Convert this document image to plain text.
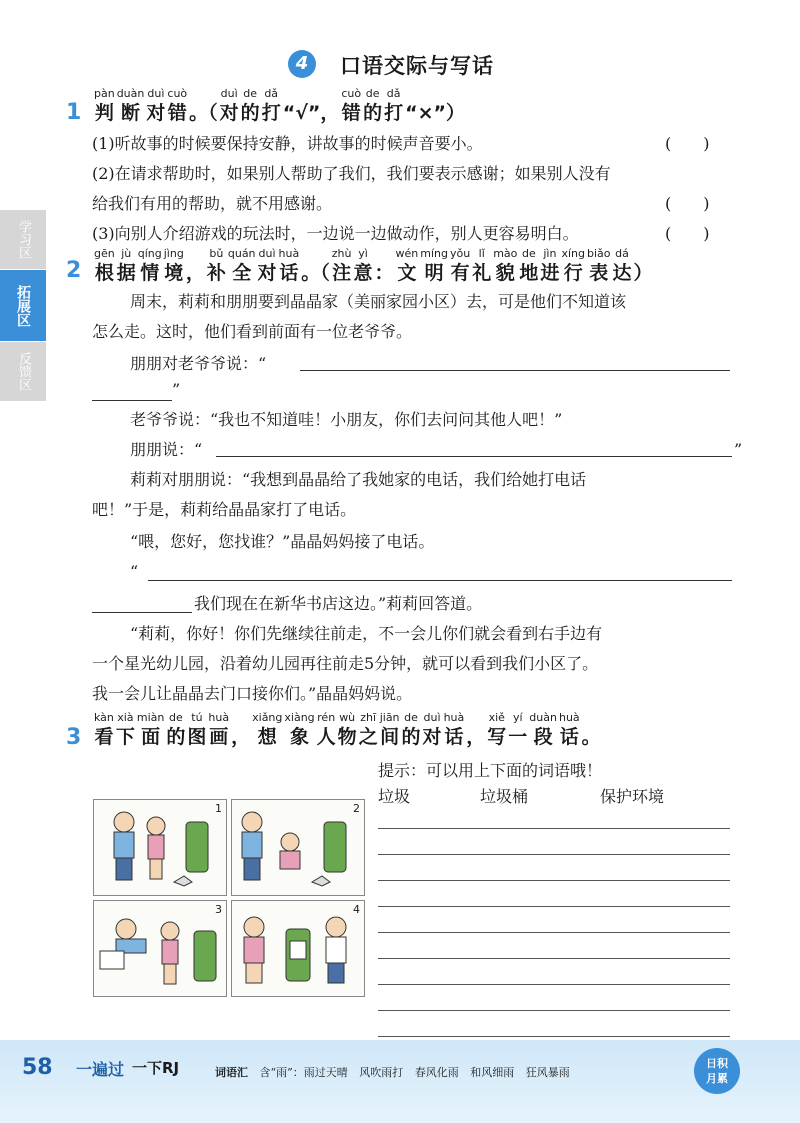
4	口语交际与写话
学习区
拓展区
反馈区
1
pàn
判
duàn
断
duì
对
cuò
错 。（
duì
对
de
的
dǎ
打 “√”，
cuò
错
de
的
dǎ
打 “×”）
(1)听故事的时候要保持安静，讲故事的时候声音要小。	(　　)
(2)在请求帮助时，如果别人帮助了我们，我们要表示感谢；如果别人没有
给我们有用的帮助，就不用感谢。	(　　)
(3)向别人介绍游戏的玩法时，一边说一边做动作，别人更容易明白。	(　　)
2
gēn
根
jù
据
qíng
情
jìng
境 ，
bǔ
补
quán
全
duì
对
huà
话 。（
zhù
注
yì
意 ：
wén
文
míng
明
yǒu
有
lǐ
礼
mào
貌
de
地
jìn
进
xíng
行
biǎo
表
dá
达 ）
周末，莉莉和朋朋要到晶晶家（美丽家园小区）去，可是他们不知道该
怎么走。这时，他们看到前面有一位老爷爷。
朋朋对老爷爷说：“
”
老爷爷说：“我也不知道哇！小朋友，你们去问问其他人吧！”
朋朋说：“	”
莉莉对朋朋说：“我想到晶晶给了我她家的电话，我们给她打电话
吧！”于是，莉莉给晶晶家打了电话。
“喂，您好，您找谁？”晶晶妈妈接了电话。
“
我们现在在新华书店这边。”莉莉回答道。
“莉莉，你好！你们先继续往前走，不一会儿你们就会看到右手边有
一个星光幼儿园，沿着幼儿园再往前走5分钟，就可以看到我们小区了。
我一会儿让晶晶去门口接你们。”晶晶妈妈说。
3
kàn
看
xià
下
miàn
面
de
的
tú
图
huà
画 ，
xiǎng
想
xiàng
象
rén
人
wù
物
zhī
之
jiān
间
de
的
duì
对
huà
话 ，
xiě
写
yí
一
duàn
段
huà
话 。
提示：可以用上下面的词语哦！
垃圾	垃圾桶	保护环境
1	2
3	4
58 一遍过 一下RJ	词语汇 含“雨”：雨过天晴 风吹雨打 春风化雨 和风细雨 狂风暴雨
日积
月累
